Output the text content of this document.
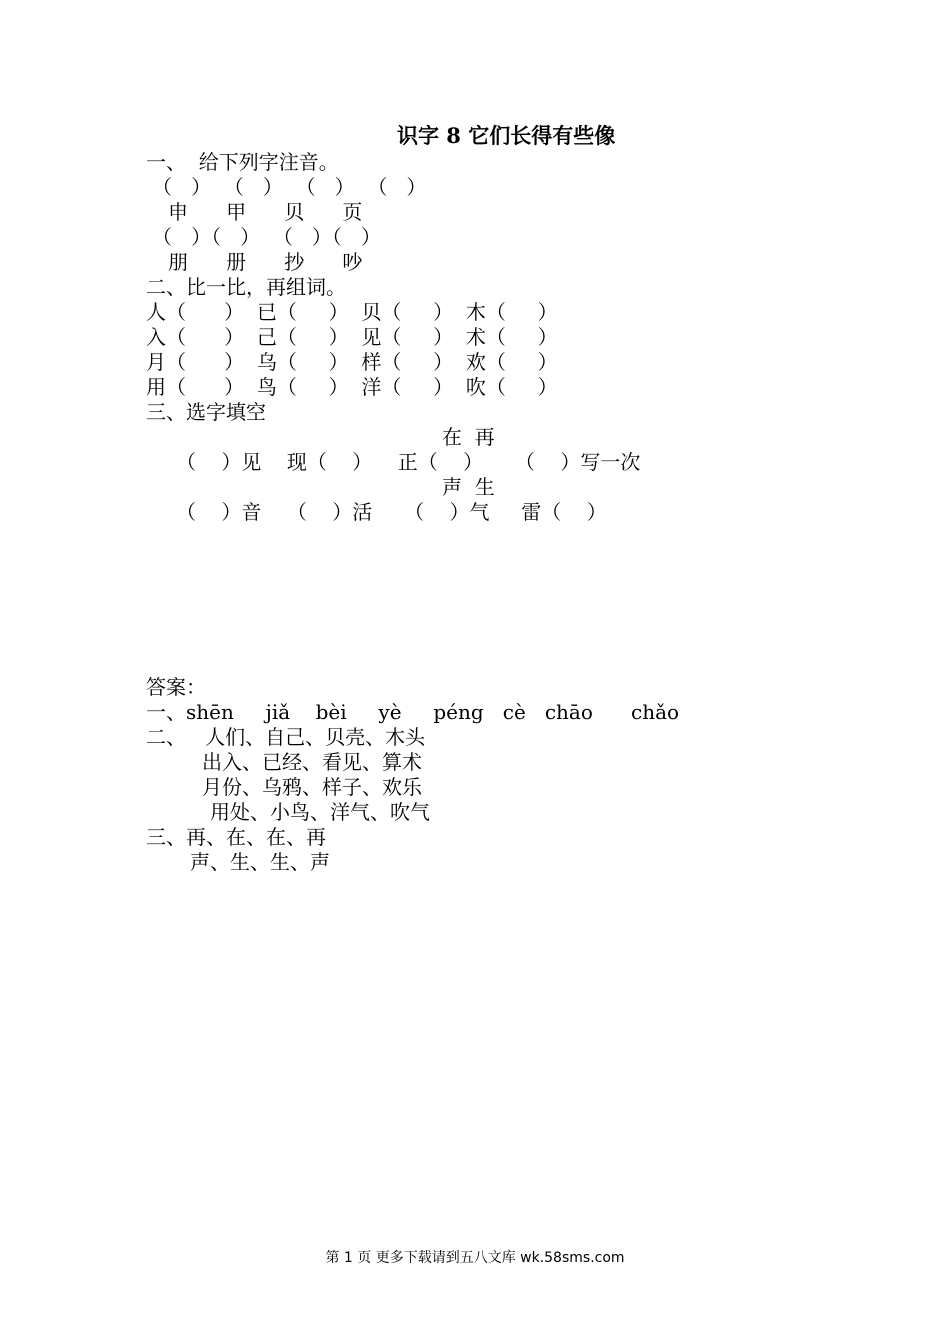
识字 8 它们长得有些像
一、  给下列字注音。
（   ）  （   ）  （   ）  （   ）
申      甲      贝      页
（   ）（   ）  （   ）（   ）
朋      册      抄      吵
二、比一比，再组词。
人（      ）  已（     ）  贝（     ）  木（     ）
入（      ）  己（     ）  见（     ）  术（     ）
月（      ）  乌（     ）  样（     ）  欢（     ）
用（      ）  鸟（     ）  洋（     ）  吹（     ）
三、选字填空
在  再
（    ）见    现（    ）    正（    ）     （    ）写一次
声  生
（    ）音    （    ）活     （    ）气     雷（    ）
答案：
一、shēn     jiǎ    bèi     yè     péng   cè   chāo      chǎo
二、   人们、自己、贝壳、木头
出入、已经、看见、算术
月份、乌鸦、样子、欢乐
用处、小鸟、洋气、吹气
三、再、在、在、再
声、生、生、声
第 1 页 更多下载请到五八文库 wk.58sms.com
